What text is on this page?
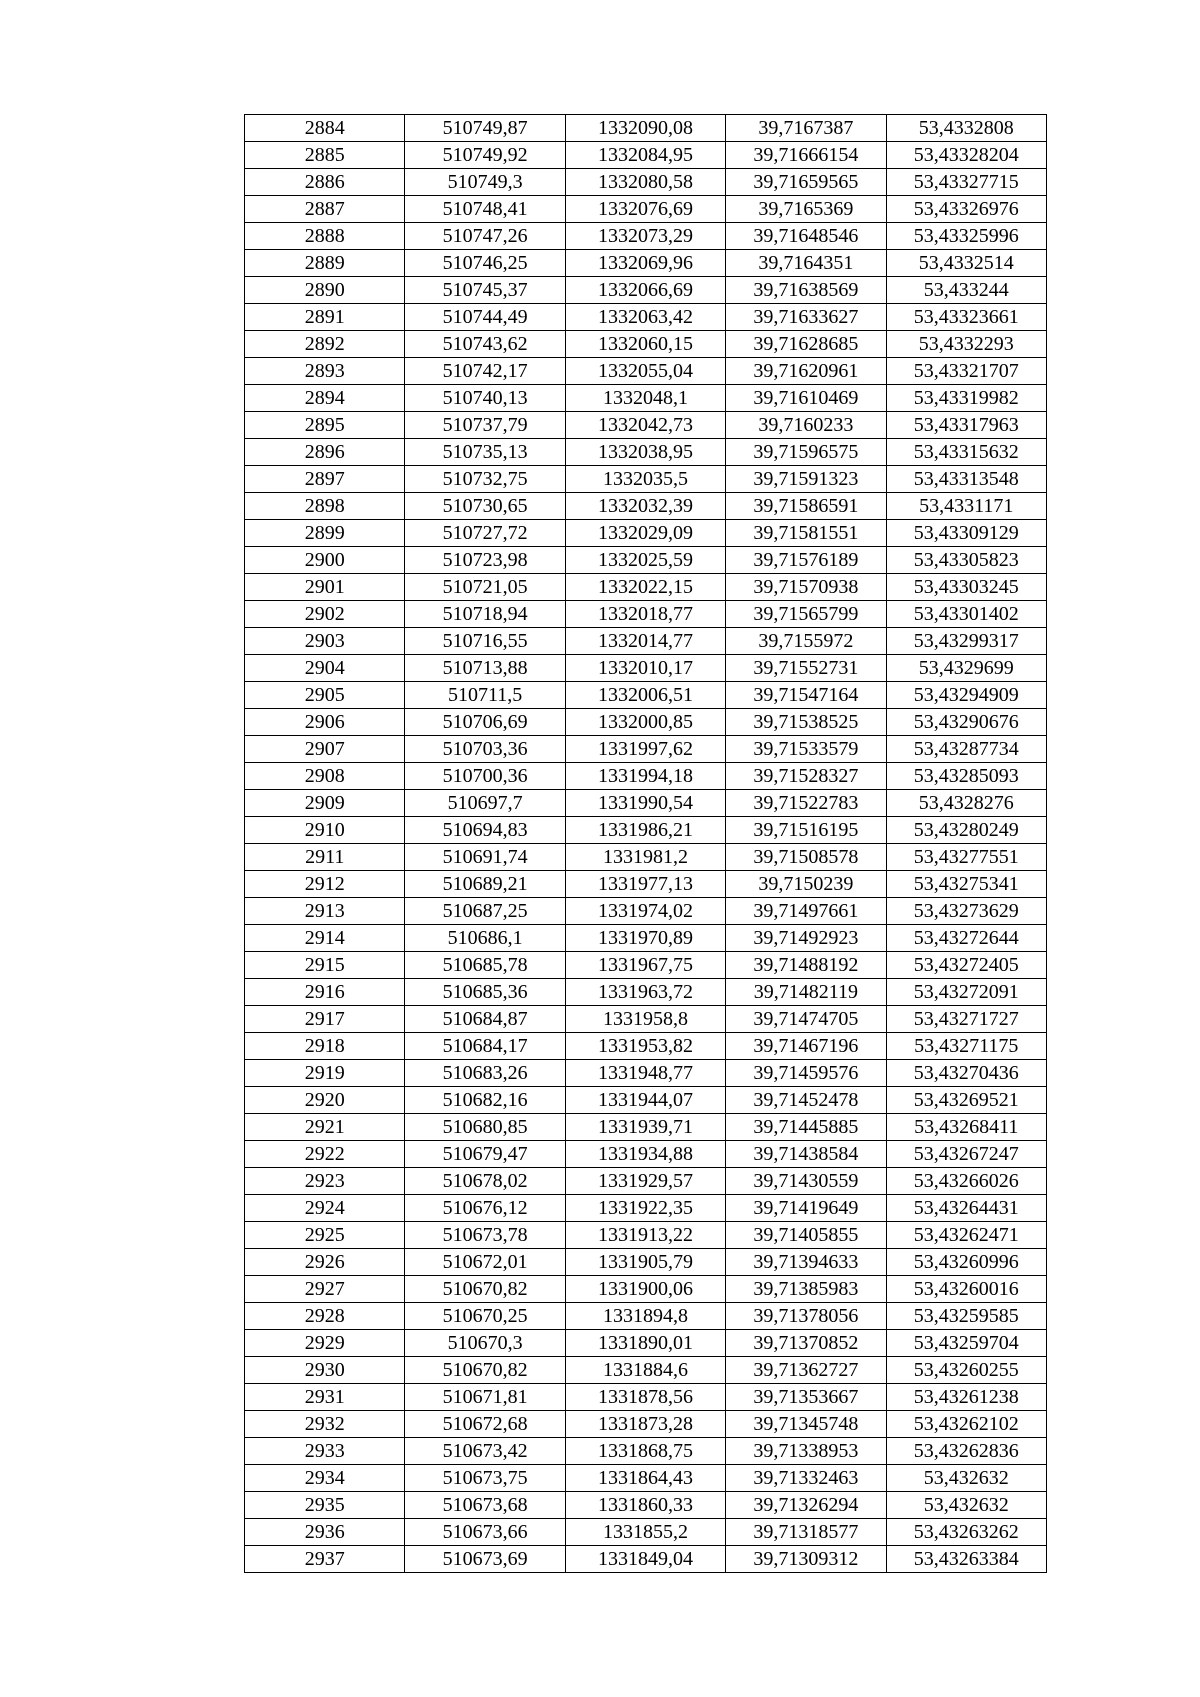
2884	510749,87	1332090,08	39,7167387	53,4332808
2885	510749,92	1332084,95	39,71666154	53,43328204
2886	510749,3	1332080,58	39,71659565	53,43327715
2887	510748,41	1332076,69	39,7165369	53,43326976
2888	510747,26	1332073,29	39,71648546	53,43325996
2889	510746,25	1332069,96	39,7164351	53,4332514
2890	510745,37	1332066,69	39,71638569	53,433244
2891	510744,49	1332063,42	39,71633627	53,43323661
2892	510743,62	1332060,15	39,71628685	53,4332293
2893	510742,17	1332055,04	39,71620961	53,43321707
2894	510740,13	1332048,1	39,71610469	53,43319982
2895	510737,79	1332042,73	39,7160233	53,43317963
2896	510735,13	1332038,95	39,71596575	53,43315632
2897	510732,75	1332035,5	39,71591323	53,43313548
2898	510730,65	1332032,39	39,71586591	53,4331171
2899	510727,72	1332029,09	39,71581551	53,43309129
2900	510723,98	1332025,59	39,71576189	53,43305823
2901	510721,05	1332022,15	39,71570938	53,43303245
2902	510718,94	1332018,77	39,71565799	53,43301402
2903	510716,55	1332014,77	39,7155972	53,43299317
2904	510713,88	1332010,17	39,71552731	53,4329699
2905	510711,5	1332006,51	39,71547164	53,43294909
2906	510706,69	1332000,85	39,71538525	53,43290676
2907	510703,36	1331997,62	39,71533579	53,43287734
2908	510700,36	1331994,18	39,71528327	53,43285093
2909	510697,7	1331990,54	39,71522783	53,4328276
2910	510694,83	1331986,21	39,71516195	53,43280249
2911	510691,74	1331981,2	39,71508578	53,43277551
2912	510689,21	1331977,13	39,7150239	53,43275341
2913	510687,25	1331974,02	39,71497661	53,43273629
2914	510686,1	1331970,89	39,71492923	53,43272644
2915	510685,78	1331967,75	39,71488192	53,43272405
2916	510685,36	1331963,72	39,71482119	53,43272091
2917	510684,87	1331958,8	39,71474705	53,43271727
2918	510684,17	1331953,82	39,71467196	53,43271175
2919	510683,26	1331948,77	39,71459576	53,43270436
2920	510682,16	1331944,07	39,71452478	53,43269521
2921	510680,85	1331939,71	39,71445885	53,43268411
2922	510679,47	1331934,88	39,71438584	53,43267247
2923	510678,02	1331929,57	39,71430559	53,43266026
2924	510676,12	1331922,35	39,71419649	53,43264431
2925	510673,78	1331913,22	39,71405855	53,43262471
2926	510672,01	1331905,79	39,71394633	53,43260996
2927	510670,82	1331900,06	39,71385983	53,43260016
2928	510670,25	1331894,8	39,71378056	53,43259585
2929	510670,3	1331890,01	39,71370852	53,43259704
2930	510670,82	1331884,6	39,71362727	53,43260255
2931	510671,81	1331878,56	39,71353667	53,43261238
2932	510672,68	1331873,28	39,71345748	53,43262102
2933	510673,42	1331868,75	39,71338953	53,43262836
2934	510673,75	1331864,43	39,71332463	53,432632
2935	510673,68	1331860,33	39,71326294	53,432632
2936	510673,66	1331855,2	39,71318577	53,43263262
2937	510673,69	1331849,04	39,71309312	53,43263384
